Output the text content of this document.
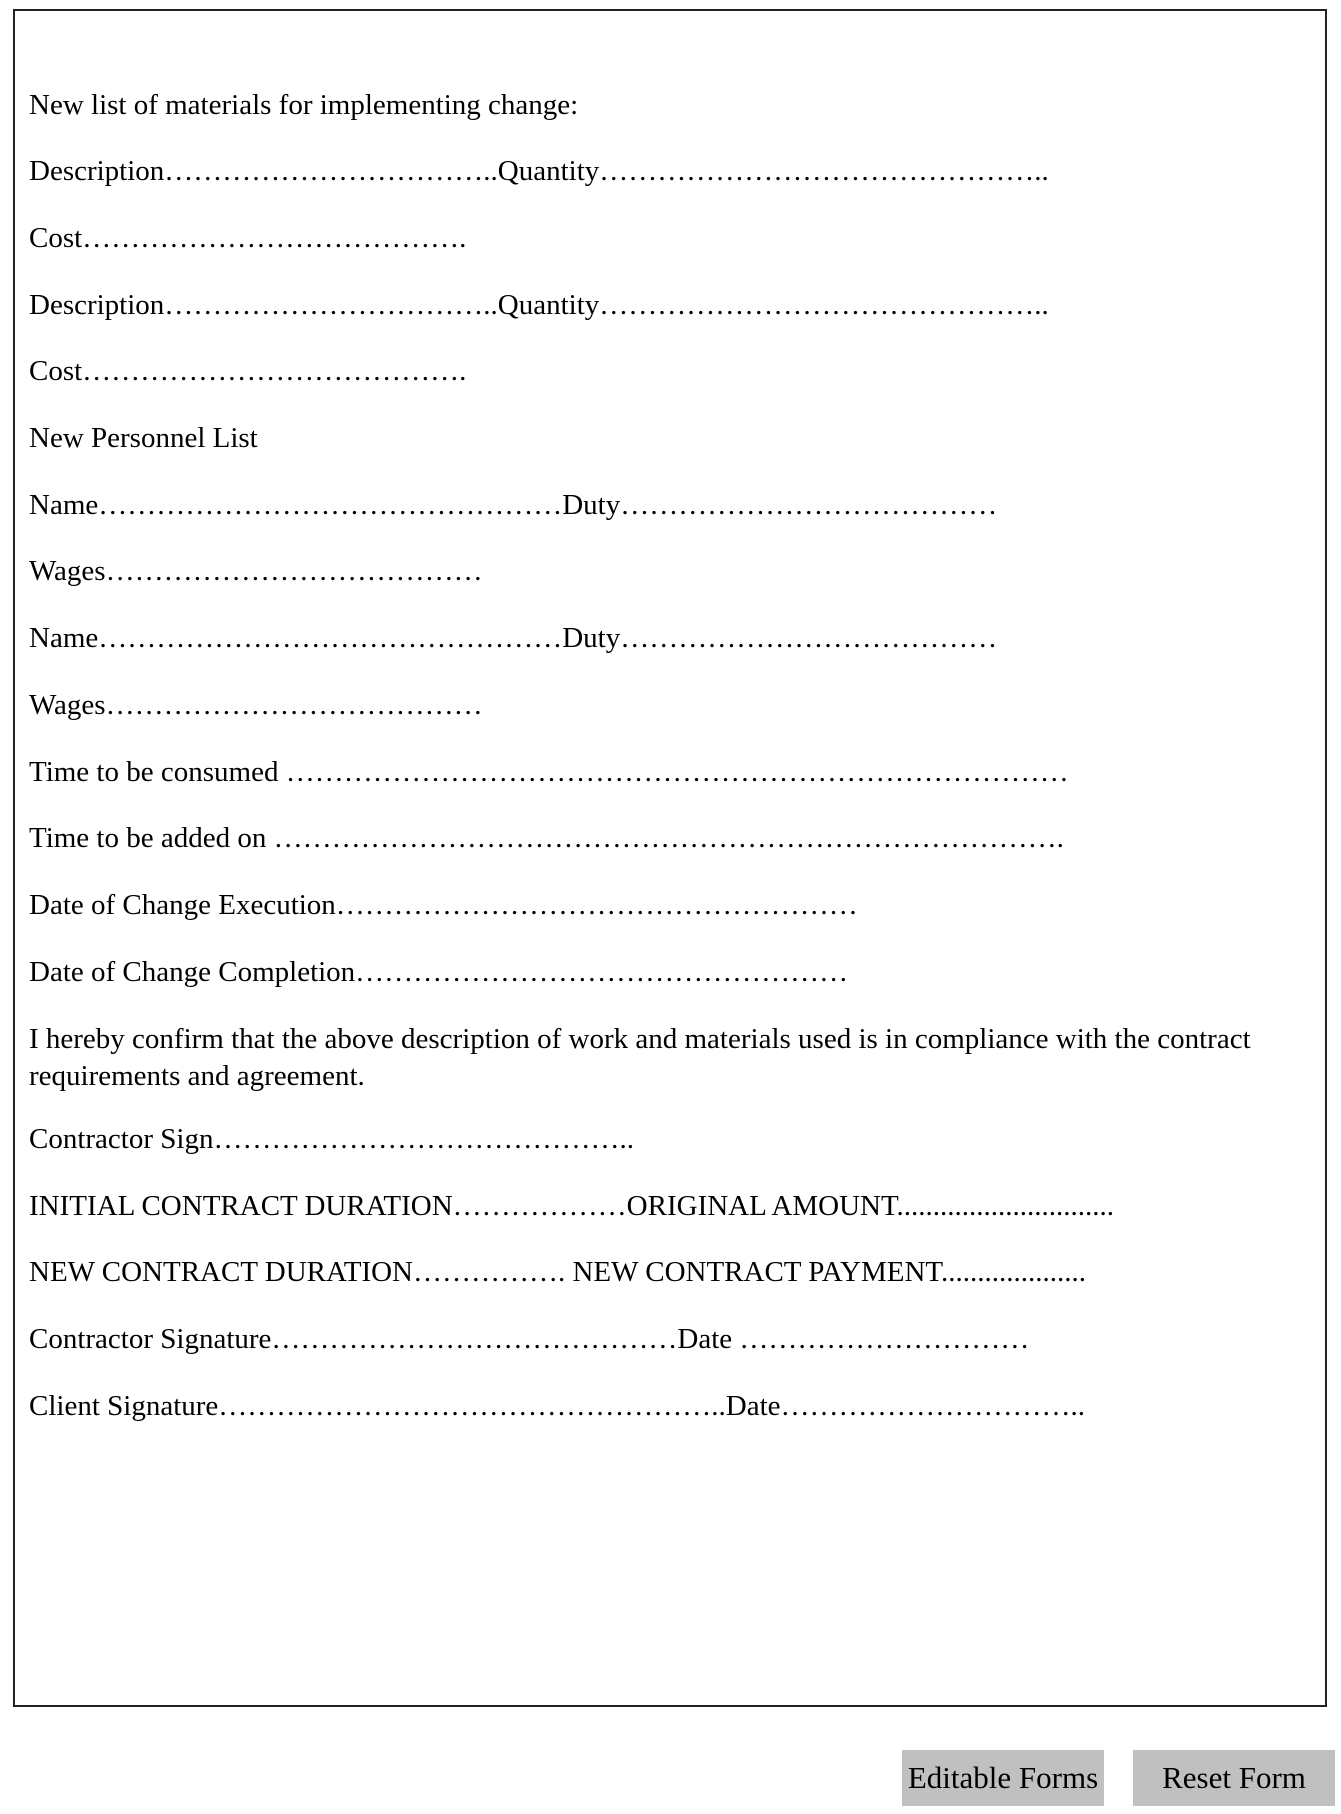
New list of materials for implementing change:
Description……………………………..Quantity………………………………………..
Cost………………………………….
Description……………………………..Quantity………………………………………..
Cost………………………………….
New Personnel List
Name…………………………………………Duty…………………………………
Wages…………………………………
Name…………………………………………Duty…………………………………
Wages…………………………………
Time to be consumed ………………………………………………………………………
Time to be added on ……………………………………………………………………….
Date of Change Execution………………………………………………
Date of Change Completion……………………………………………
I hereby confirm that the above description of work and materials used is in compliance with the contract requirements and agreement.
Contractor Sign……………………………………..
INITIAL CONTRACT DURATION………………ORIGINAL AMOUNT..............................
NEW CONTRACT DURATION……………. NEW CONTRACT PAYMENT....................
Contractor Signature……………………………………Date …………………………
Client Signature……………………………………………..Date…………………………..
Editable Forms	Reset Form
